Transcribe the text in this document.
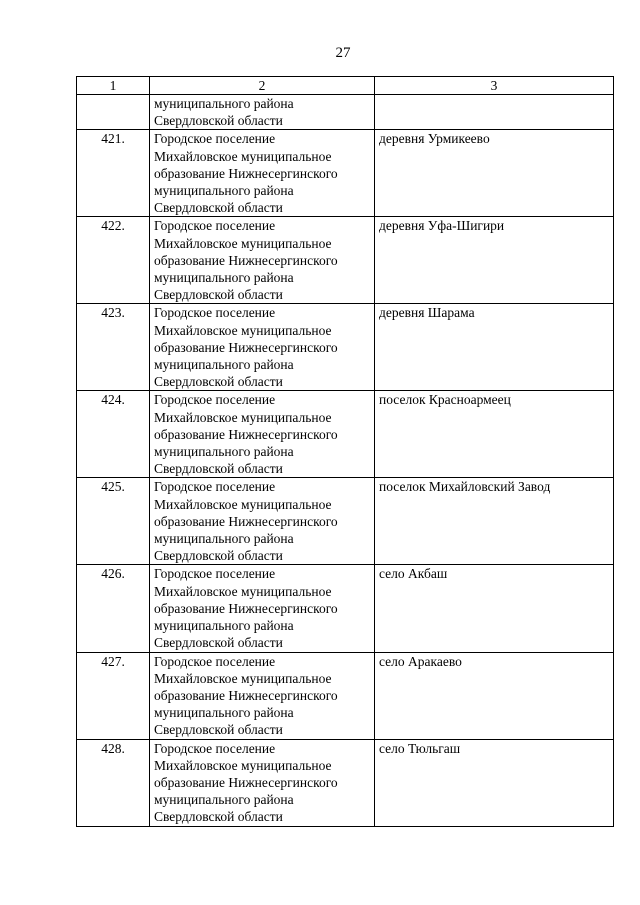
27
1	2	3

	муниципального района
Свердловской области	

421.	Городское поселение
Михайловское муниципальное
образование Нижнесергинского
муниципального района
Свердловской области	деревня Урмикеево

422.	Городское поселение
Михайловское муниципальное
образование Нижнесергинского
муниципального района
Свердловской области	деревня Уфа-Шигири

423.	Городское поселение
Михайловское муниципальное
образование Нижнесергинского
муниципального района
Свердловской области	деревня Шарама

424.	Городское поселение
Михайловское муниципальное
образование Нижнесергинского
муниципального района
Свердловской области	поселок Красноармеец

425.	Городское поселение
Михайловское муниципальное
образование Нижнесергинского
муниципального района
Свердловской области	поселок Михайловский Завод

426.	Городское поселение
Михайловское муниципальное
образование Нижнесергинского
муниципального района
Свердловской области	село Акбаш

427.	Городское поселение
Михайловское муниципальное
образование Нижнесергинского
муниципального района
Свердловской области	село Аракаево

428.	Городское поселение
Михайловское муниципальное
образование Нижнесергинского
муниципального района
Свердловской области	село Тюльгаш
